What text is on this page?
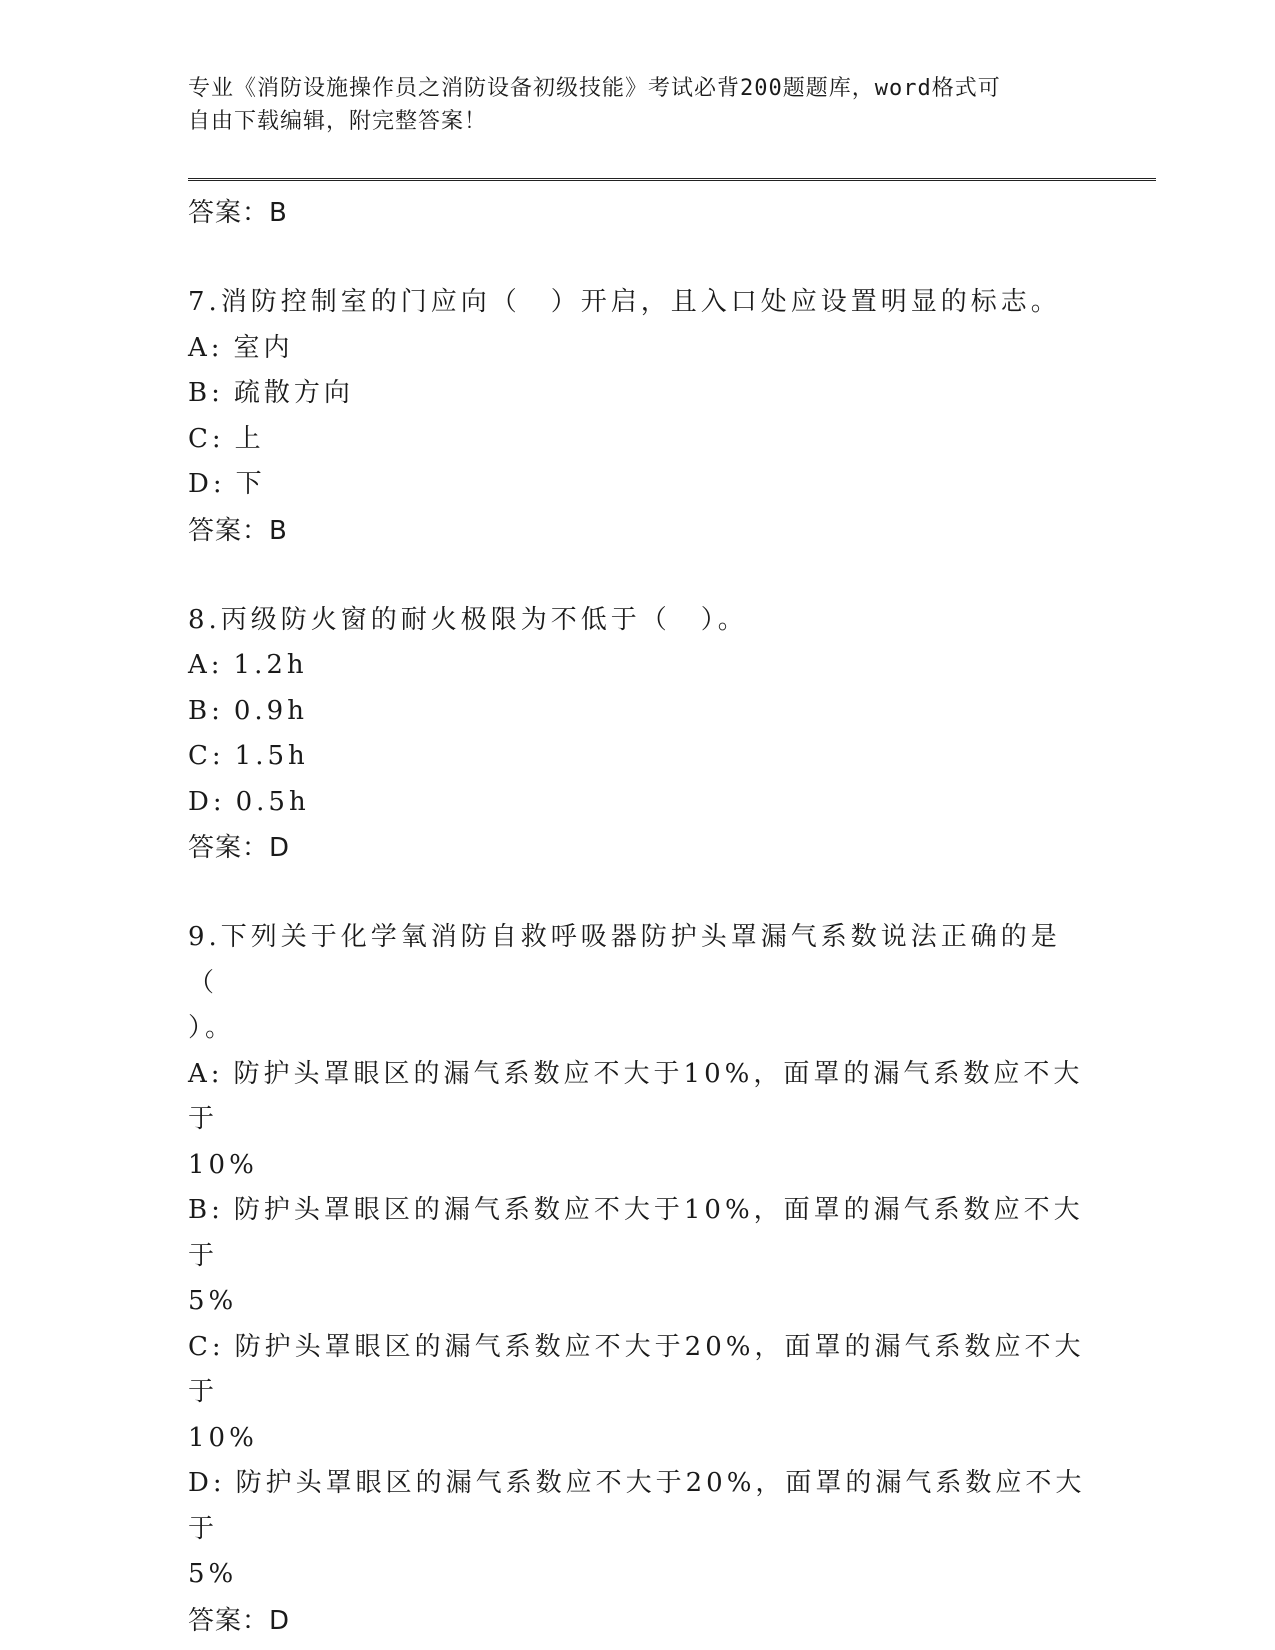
专业《消防设施操作员之消防设备初级技能》考试必背200题题库，word格式可
自由下载编辑，附完整答案！
答案：B
7.消防控制室的门应向（　）开启，且入口处应设置明显的标志。
A: 室内
B: 疏散方向
C: 上
D: 下
答案：B
8.丙级防火窗的耐火极限为不低于（　）。
A: 1.2h
B: 0.9h
C: 1.5h
D: 0.5h
答案：D
9.下列关于化学氧消防自救呼吸器防护头罩漏气系数说法正确的是（
）。
A: 防护头罩眼区的漏气系数应不大于10%，面罩的漏气系数应不大于
10%
B: 防护头罩眼区的漏气系数应不大于10%，面罩的漏气系数应不大于
5%
C: 防护头罩眼区的漏气系数应不大于20%，面罩的漏气系数应不大于
10%
D: 防护头罩眼区的漏气系数应不大于20%，面罩的漏气系数应不大于
5%
答案：D
